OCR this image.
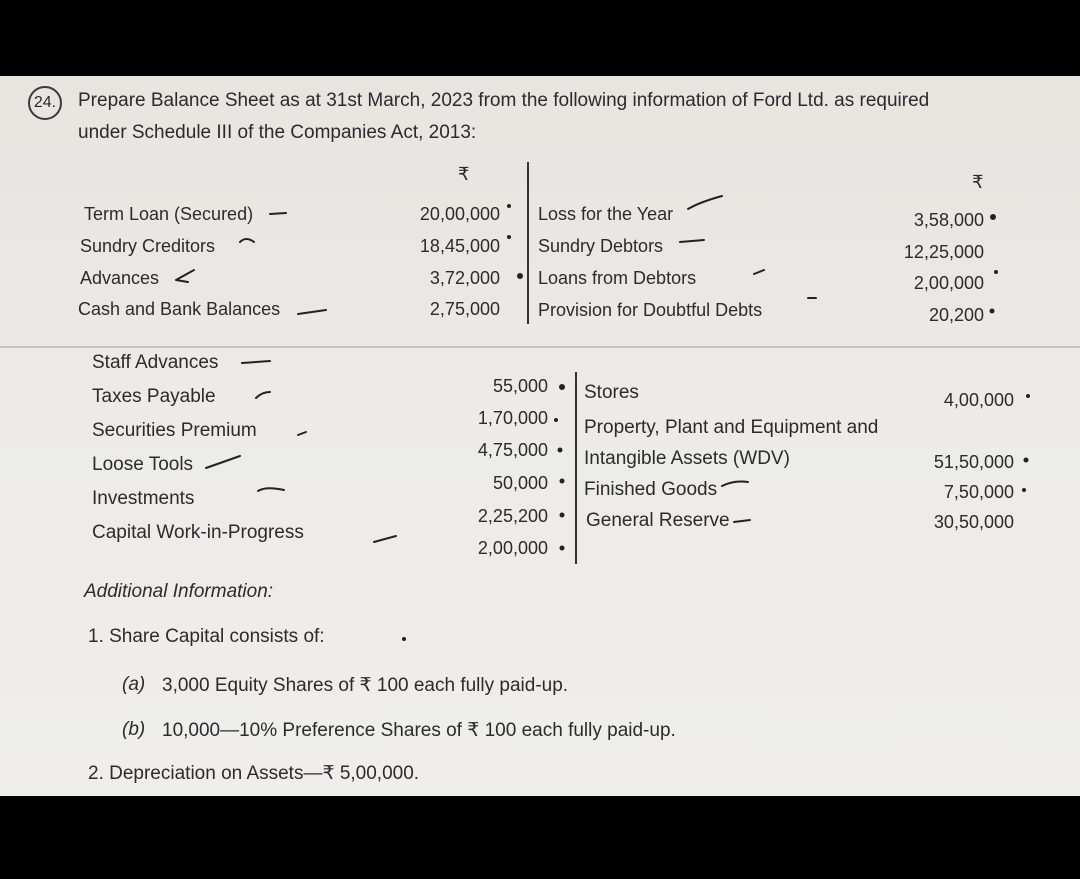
24.	Prepare Balance Sheet as at 31st March, 2023 from the following information of Ford Ltd. as required
under Schedule III of the Companies Act, 2013:
₹	₹
Term Loan (Secured)
Sundry Creditors
Advances
Cash and Bank Balances
20,00,000
18,45,000
3,72,000
2,75,000
Loss for the Year
Sundry Debtors
Loans from Debtors
Provision for Doubtful Debts
3,58,000
12,25,000
2,00,000
20,200
Staff Advances
Taxes Payable
Securities Premium
Loose Tools
Investments
Capital Work-in-Progress
55,000
1,70,000
4,75,000
50,000
2,25,200
2,00,000
Stores
Property, Plant and Equipment and
Intangible Assets (WDV)
Finished Goods
General Reserve
4,00,000
51,50,000
7,50,000
30,50,000
Additional Information:
1. Share Capital consists of:
(a) 3,000 Equity Shares of ₹ 100 each fully paid-up.
(b) 10,000—10% Preference Shares of ₹ 100 each fully paid-up.
2. Depreciation on Assets—₹ 5,00,000.
